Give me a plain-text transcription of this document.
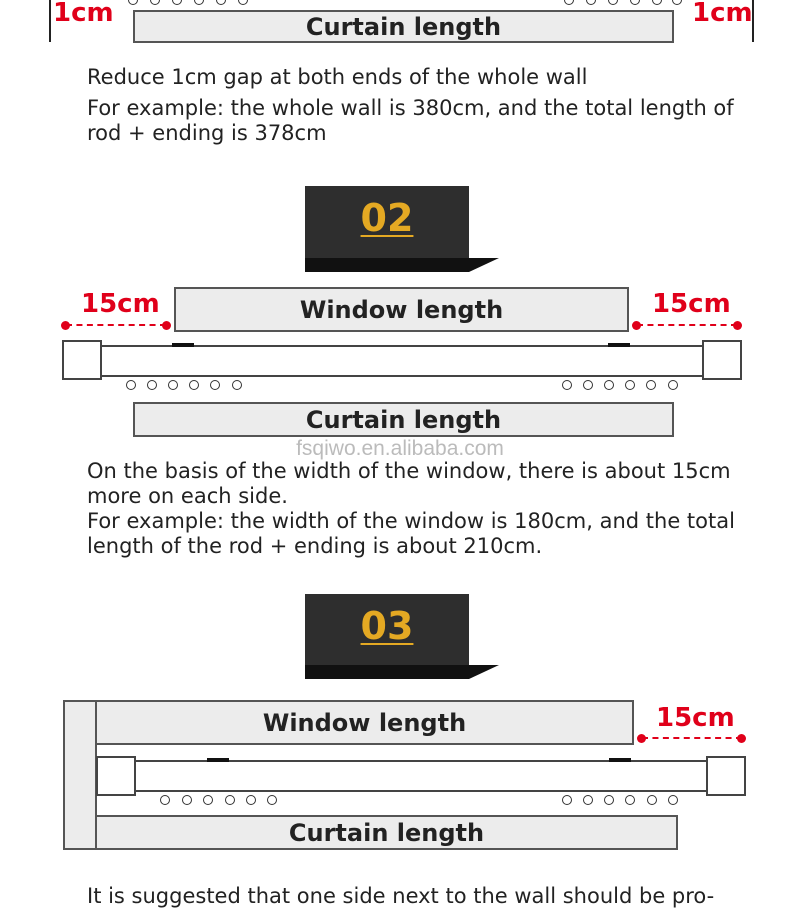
1cm	1cm
Curtain length

Reduce 1cm gap at both ends of the whole wall

For example: the whole wall is 380cm, and the total length of rod + ending is 378cm

02
15cm	15cm
Window length
Curtain length
fsqiwo.en.alibaba.com

On the basis of the width of the window, there is about 15cm more on each side.

For example: the width of the window is 180cm, and the total length of the rod + ending is about 210cm.

03
Window length	15cm
Curtain length

It is suggested that one side next to the wall should be pro-
